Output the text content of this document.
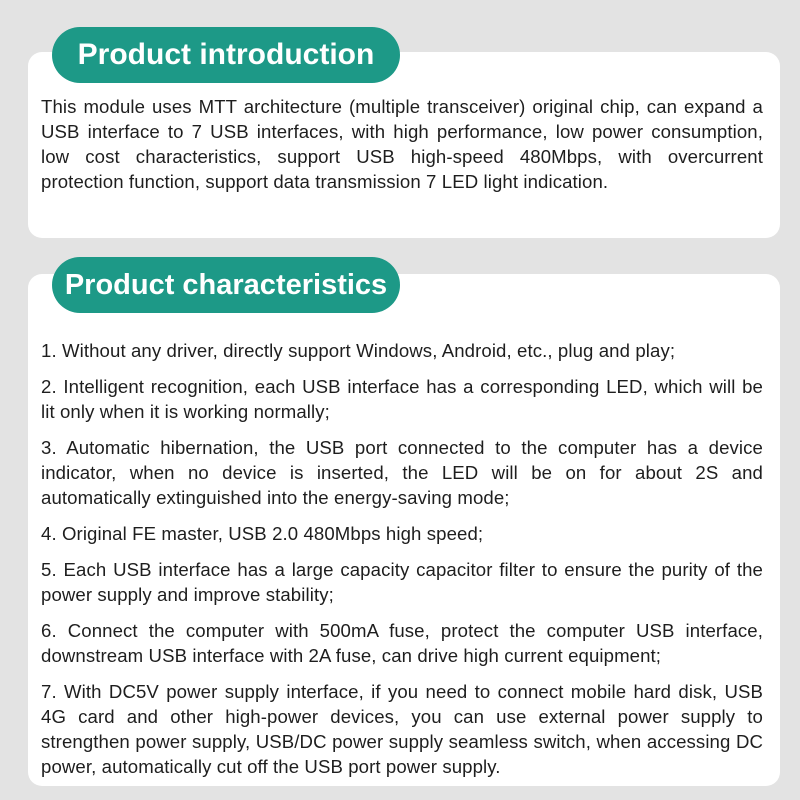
This module uses MTT architecture (multiple transceiver) original chip, can expand a USB interface to 7 USB interfaces, with high performance, low power consumption, low cost characteristics, support USB high-speed 480Mbps, with overcurrent protection function, support data transmission 7 LED light indication.
Product introduction
1. Without any driver, directly support Windows, Android, etc., plug and play;
2. Intelligent recognition, each USB interface has a corresponding LED, which will be lit only when it is working normally;
3. Automatic hibernation, the USB port connected to the computer has a device indicator, when no device is inserted, the LED will be on for about 2S and automatically extinguished into the energy-saving mode;
4. Original FE master, USB 2.0 480Mbps high speed;
5. Each USB interface has a large capacity capacitor filter to ensure the purity of the power supply and improve stability;
6. Connect the computer with 500mA fuse, protect the computer USB interface, downstream USB interface with 2A fuse, can drive high current equipment;
7. With DC5V power supply interface, if you need to connect mobile hard disk, USB 4G card and other high-power devices, you can use external power supply to strengthen power supply, USB/DC power supply seamless switch, when accessing DC power, automatically cut off the USB port power supply.
Product characteristics
